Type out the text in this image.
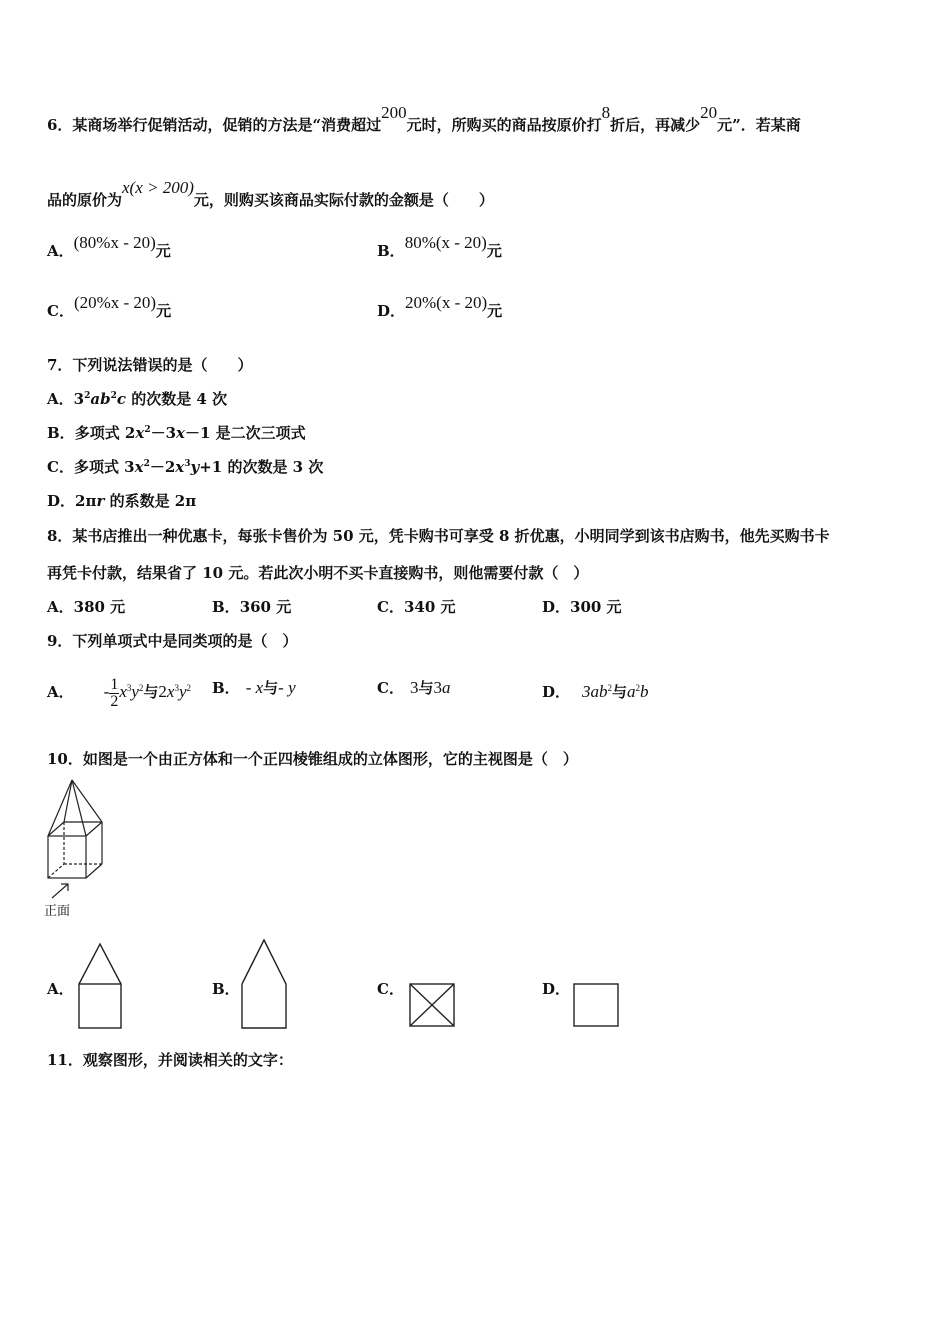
6．某商场举行促销活动，促销的方法是“消费超过200元时，所购买的商品按原价打8折后，再减少20元”．若某商
品的原价为x(x > 200)元，则购买该商品实际付款的金额是（　　）
A．(80%x - 20)元	B．80%(x - 20)元
C．(20%x - 20)元	D．20%(x - 20)元
7．下列说法错误的是（　　）
A．$3^2ab^2c$ 的次数是 4 次
B．多项式 $2x^2-3x-1$ 是二次三项式
C．多项式 $3x^2-2x^3y+1$ 的次数是 3 次
D．2πr 的系数是 2π
8．某书店推出一种优惠卡，每张卡售价为 50 元，凭卡购书可享受 8 折优惠，小明同学到该书店购书，他先买购书卡
再凭卡付款，结果省了 10 元。若此次小明不买卡直接购书，则他需要付款（　）
A．380 元	B．360 元	C．340 元	D．300 元
9．下列单项式中是同类项的是（　）
A． - $\frac{1}{2} x^3y^2$与$2x^3y^2$ B． - x与- y	C． 3与3a	D． $3ab^2$与$a^2b$
10．如图是一个由正方体和一个正四棱锥组成的立体图形，它的主视图是（　）
正面
A．	B．	C．	D．
11．观察图形，并阅读相关的文字：
